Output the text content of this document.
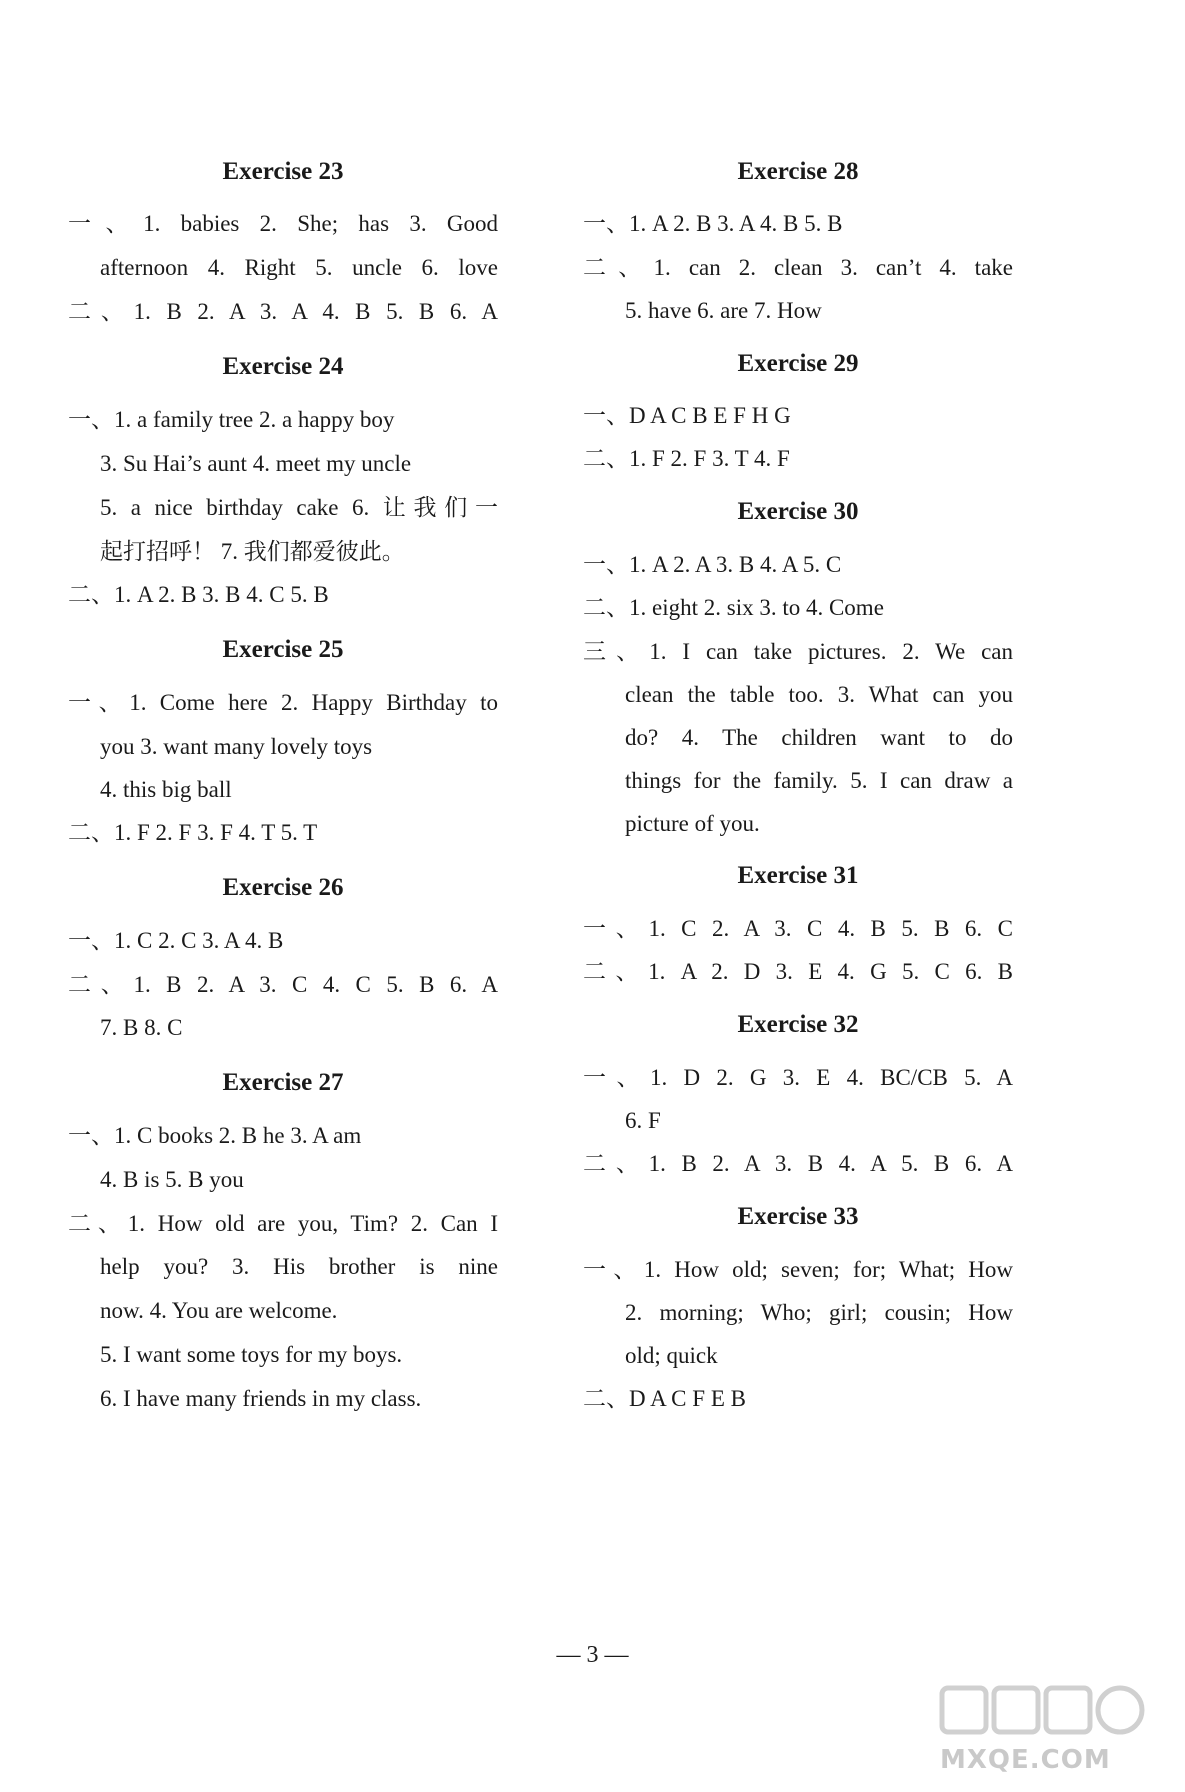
Exercise 23
一、1. babies 2. She; has 3. Good
afternoon 4. Right 5. uncle 6. love
二、1. B 2. A 3. A 4. B 5. B 6. A
Exercise 24
一、1. a family tree 2. a happy boy
3. Su Hai’s aunt 4. meet my uncle
5. a nice birthday cake 6. 让我们一
起打招呼！ 7. 我们都爱彼此。
二、1. A 2. B 3. B 4. C 5. B
Exercise 25
一、1. Come here 2. Happy Birthday to
you 3. want many lovely toys
4. this big ball
二、1. F 2. F 3. F 4. T 5. T
Exercise 26
一、1. C 2. C 3. A 4. B
二、1. B 2. A 3. C 4. C 5. B 6. A
7. B 8. C
Exercise 27
一、1. C books 2. B he 3. A am
4. B is 5. B you
二、1. How old are you, Tim? 2. Can I
help you? 3. His brother is nine
now. 4. You are welcome.
5. I want some toys for my boys.
6. I have many friends in my class.
Exercise 28
一、1. A 2. B 3. A 4. B 5. B
二、1. can 2. clean 3. can’t 4. take
5. have 6. are 7. How
Exercise 29
一、D A C B E F H G
二、1. F 2. F 3. T 4. F
Exercise 30
一、1. A 2. A 3. B 4. A 5. C
二、1. eight 2. six 3. to 4. Come
三、1. I can take pictures. 2. We can
clean the table too. 3. What can you
do? 4. The children want to do
things for the family. 5. I can draw a
picture of you.
Exercise 31
一、1. C 2. A 3. C 4. B 5. B 6. C
二、1. A 2. D 3. E 4. G 5. C 6. B
Exercise 32
一、1. D 2. G 3. E 4. BC/CB 5. A
6. F
二、1. B 2. A 3. B 4. A 5. B 6. A
Exercise 33
一、1. How old; seven; for; What; How
2. morning; Who; girl; cousin; How
old; quick
二、D A C F E B
— 3 —
MXQE.COM
